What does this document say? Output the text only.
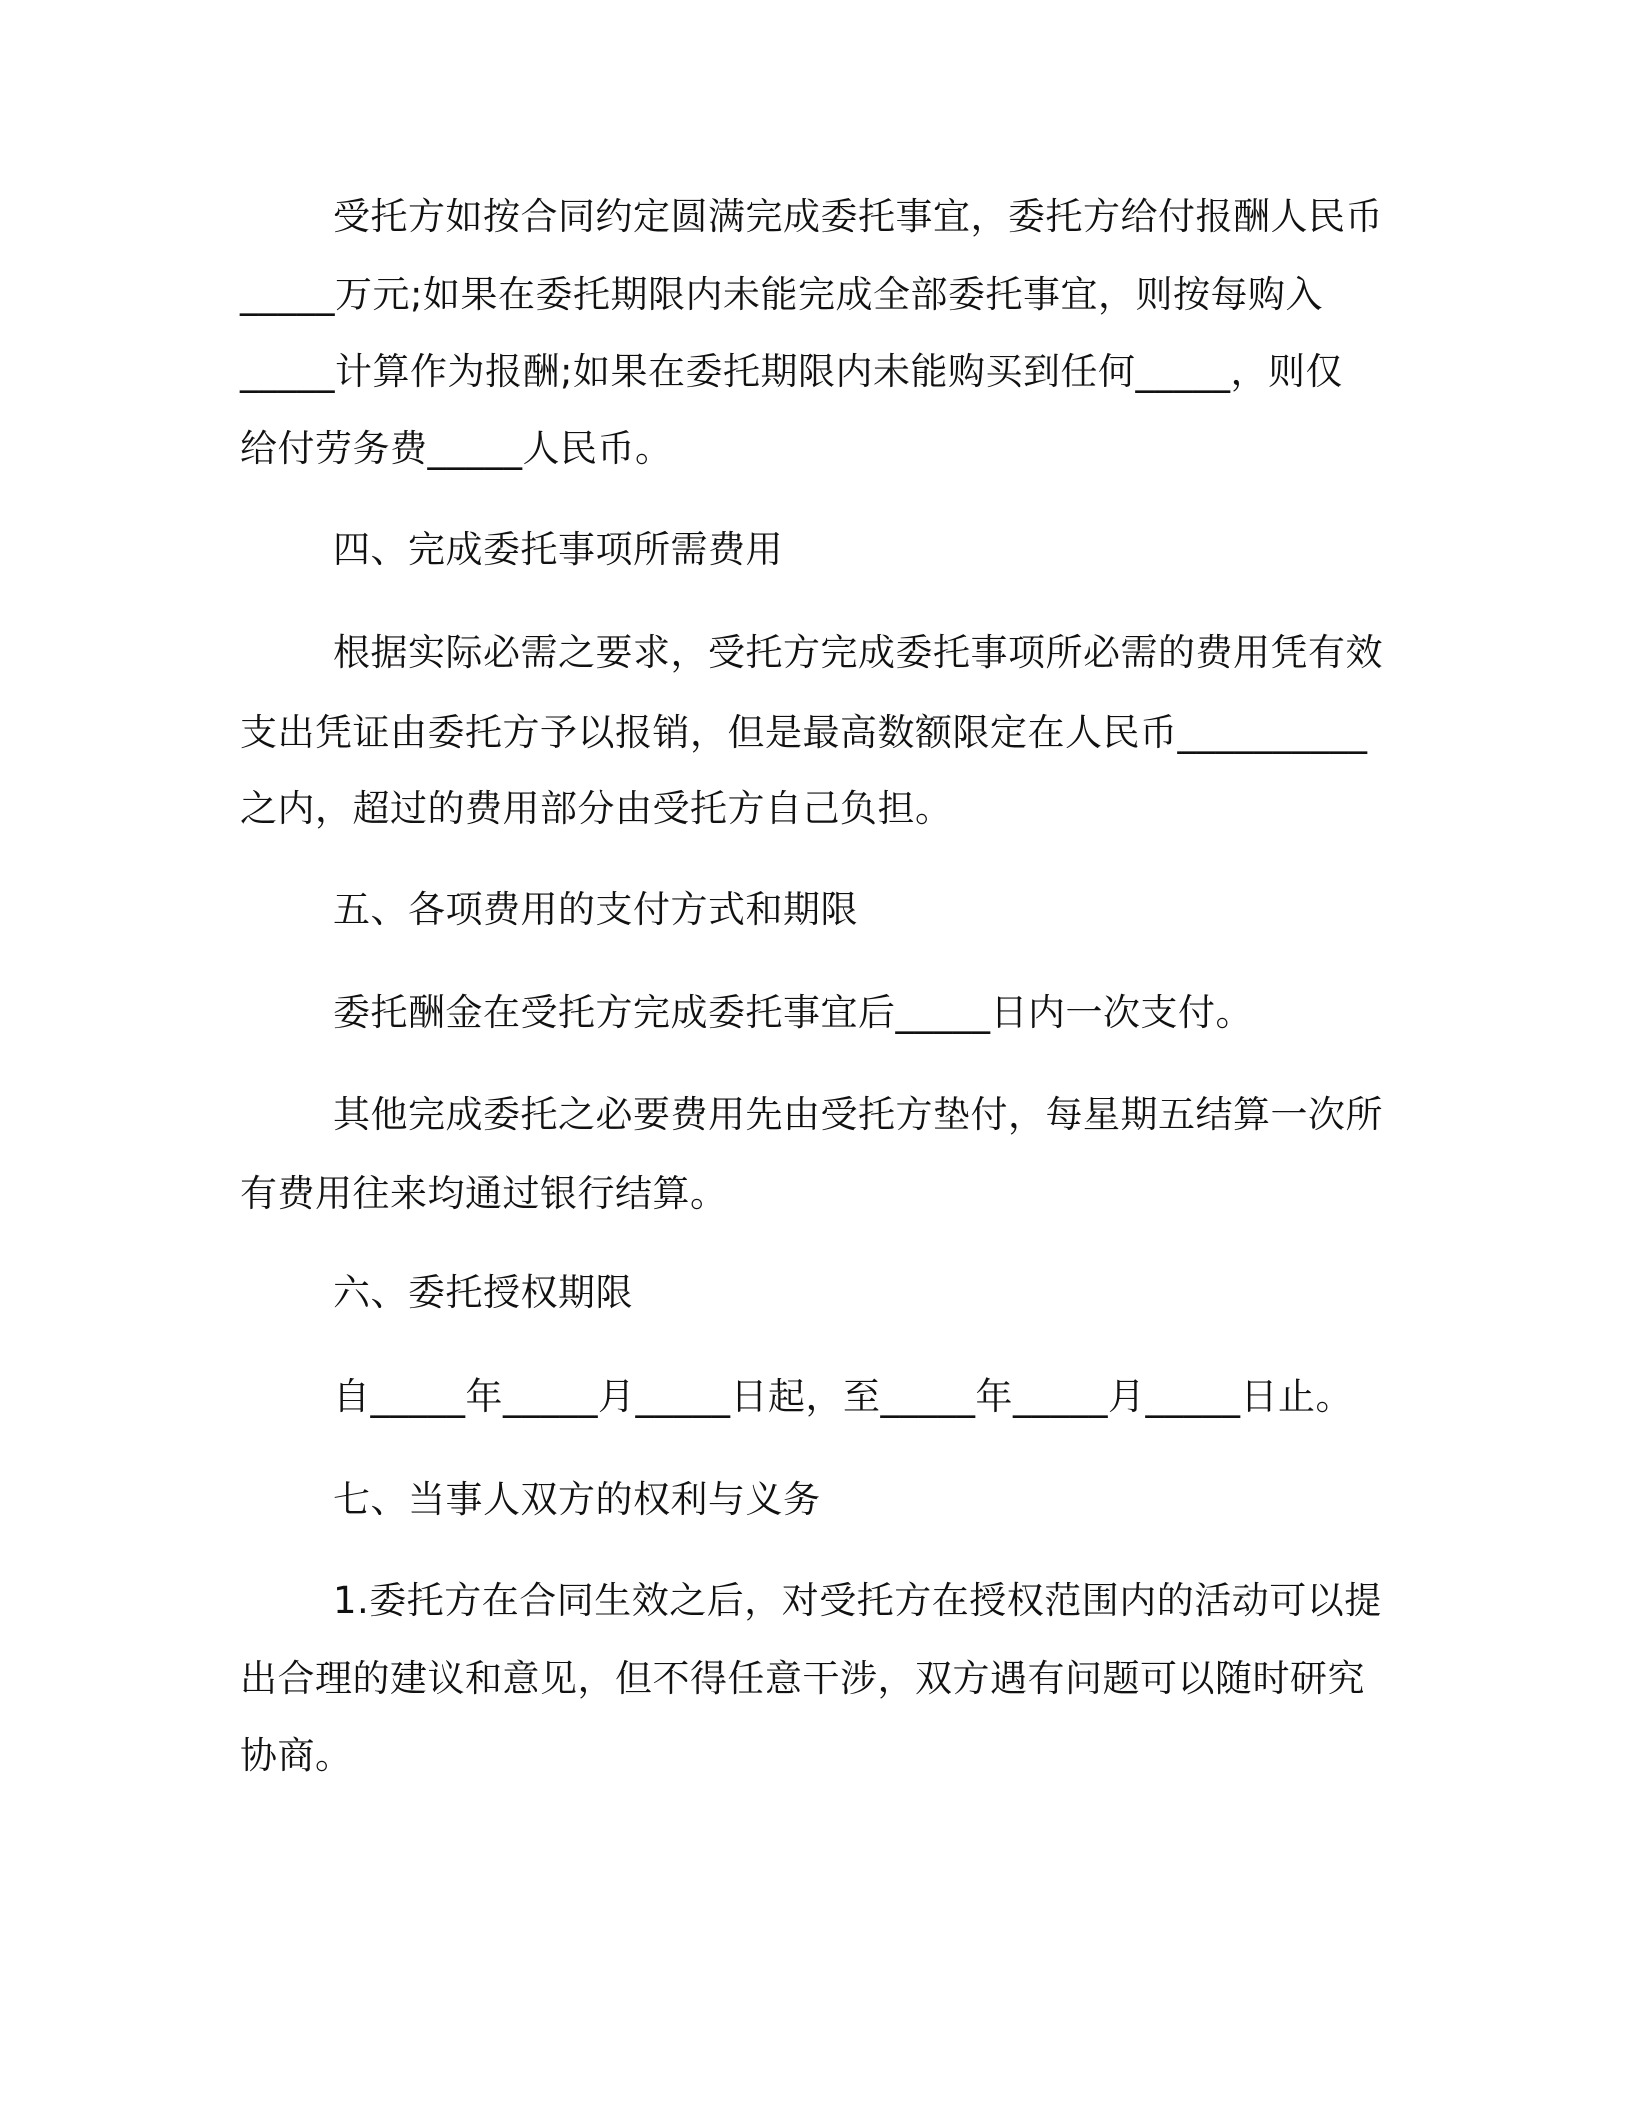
受托方如按合同约定圆满完成委托事宜，委托方给付报酬人民币
_____万元;如果在委托期限内未能完成全部委托事宜，则按每购入
_____计算作为报酬;如果在委托期限内未能购买到任何_____，则仅
给付劳务费_____人民币。
四、完成委托事项所需费用
根据实际必需之要求，受托方完成委托事项所必需的费用凭有效
支出凭证由委托方予以报销，但是最高数额限定在人民币__________
之内，超过的费用部分由受托方自己负担。
五、各项费用的支付方式和期限
委托酬金在受托方完成委托事宜后_____日内一次支付。
其他完成委托之必要费用先由受托方垫付，每星期五结算一次所
有费用往来均通过银行结算。
六、委托授权期限
自_____年_____月_____日起，至_____年_____月_____日止。
七、当事人双方的权利与义务
1.委托方在合同生效之后，对受托方在授权范围内的活动可以提
出合理的建议和意见，但不得任意干涉，双方遇有问题可以随时研究
协商。
